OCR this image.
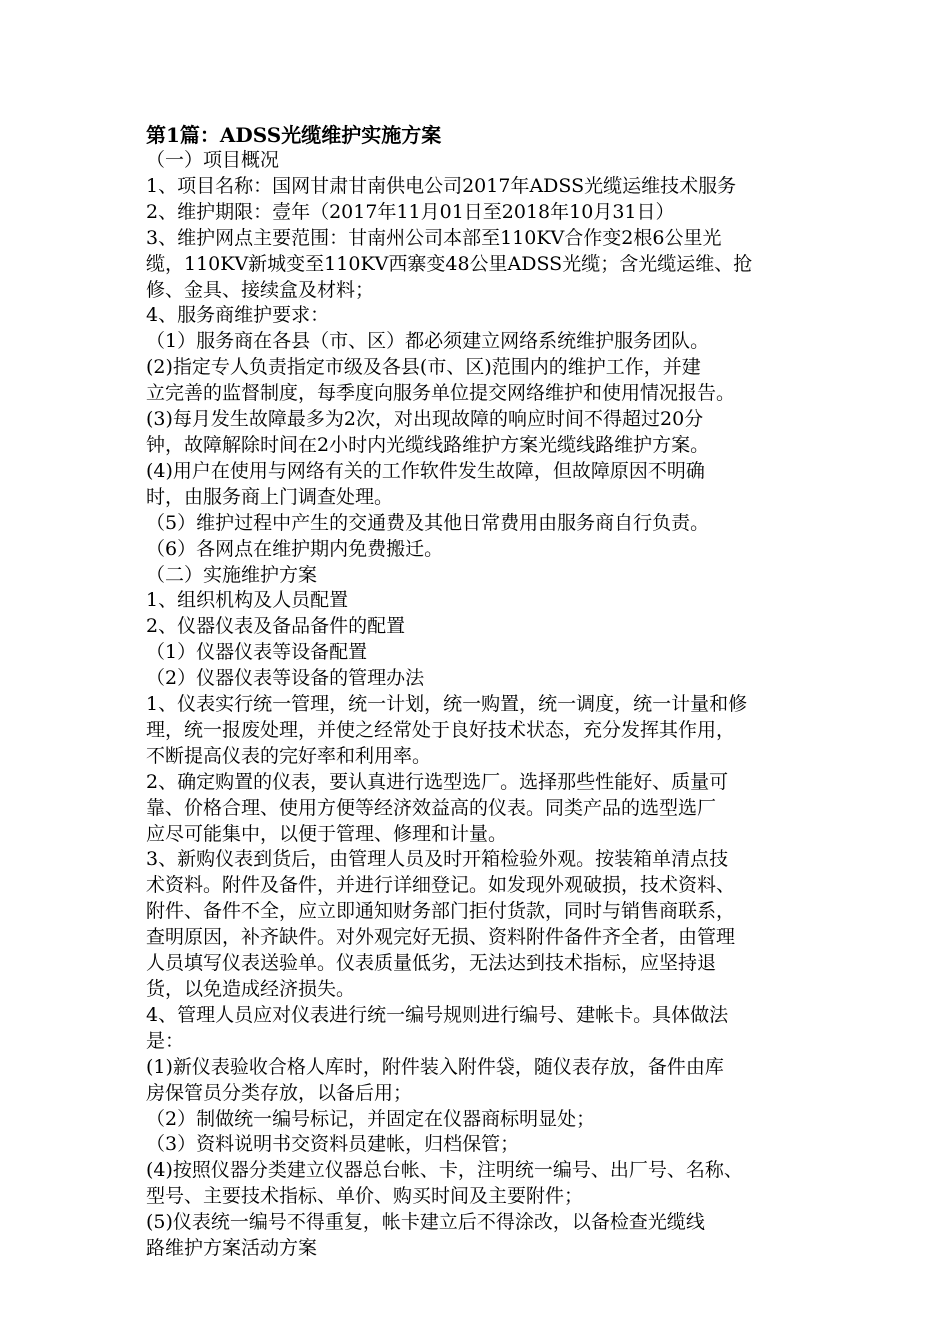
第1篇：ADSS光缆维护实施方案

（一）项目概况

1、项目名称：国网甘肃甘南供电公司2017年ADSS光缆运维技术服务

2、维护期限：壹年（2017年11月01日至2018年10月31日）

3、维护网点主要范围：甘南州公司本部至110KV合作变2根6公里光

缆，110KV新城变至110KV西寨变48公里ADSS光缆；含光缆运维、抢

修、金具、接续盒及材料；

4、服务商维护要求：

（1）服务商在各县（市、区）都必须建立网络系统维护服务团队。

(2)指定专人负责指定市级及各县(市、区)范围内的维护工作，并建

立完善的监督制度，每季度向服务单位提交网络维护和使用情况报告。

(3)每月发生故障最多为2次，对出现故障的响应时间不得超过20分

钟，故障解除时间在2小时内光缆线路维护方案光缆线路维护方案。

(4)用户在使用与网络有关的工作软件发生故障，但故障原因不明确

时，由服务商上门调查处理。

（5）维护过程中产生的交通费及其他日常费用由服务商自行负责。

（6）各网点在维护期内免费搬迁。

（二）实施维护方案

1、组织机构及人员配置

2、仪器仪表及备品备件的配置

（1）仪器仪表等设备配置

（2）仪器仪表等设备的管理办法

1、仪表实行统一管理，统一计划，统一购置，统一调度，统一计量和修

理，统一报废处理，并使之经常处于良好技术状态，充分发挥其作用，

不断提高仪表的完好率和利用率。

2、确定购置的仪表，要认真进行选型选厂。选择那些性能好、质量可

靠、价格合理、使用方便等经济效益高的仪表。同类产品的选型选厂

应尽可能集中，以便于管理、修理和计量。

3、新购仪表到货后，由管理人员及时开箱检验外观。按装箱单清点技

术资料。附件及备件，并进行详细登记。如发现外观破损，技术资料、

附件、备件不全，应立即通知财务部门拒付货款，同时与销售商联系，

查明原因，补齐缺件。对外观完好无损、资料附件备件齐全者，由管理

人员填写仪表送验单。仪表质量低劣，无法达到技术指标，应坚持退

货，以免造成经济损失。

4、管理人员应对仪表进行统一编号规则进行编号、建帐卡。具体做法

是：

(1)新仪表验收合格人库时，附件装入附件袋，随仪表存放，备件由库

房保管员分类存放，以备后用；

（2）制做统一编号标记，并固定在仪器商标明显处；

（3）资料说明书交资料员建帐，归档保管；

(4)按照仪器分类建立仪器总台帐、卡，注明统一编号、出厂号、名称、

型号、主要技术指标、单价、购买时间及主要附件；

(5)仪表统一编号不得重复，帐卡建立后不得涂改，以备检查光缆线

路维护方案活动方案
